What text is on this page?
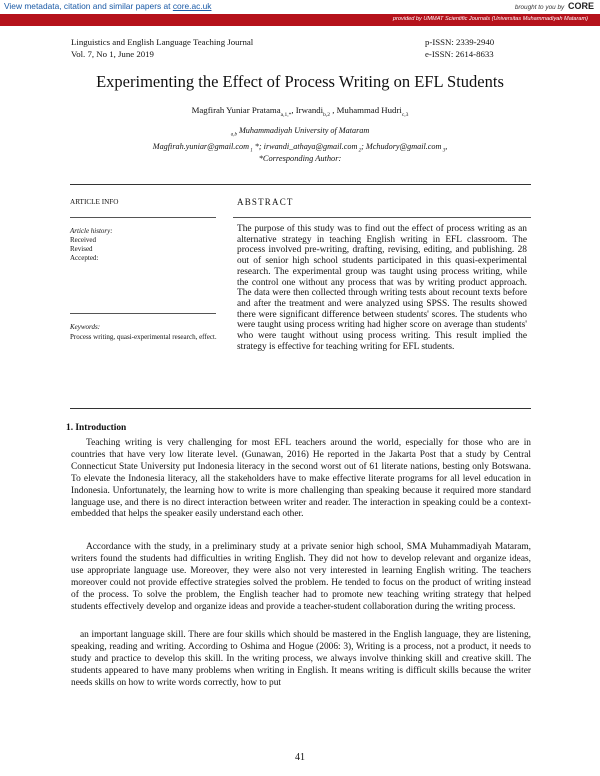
View metadata, citation and similar papers at core.ac.uk	brought to you by CORE
provided by UMMAT Scientific Journals (Universitas Muhammadiyah Mataram)
Linguistics and English Language Teaching Journal
Vol. 7, No 1, June 2019
p-ISSN: 2339-2940
e-ISSN: 2614-8633
Experimenting the Effect of Process Writing on EFL Students
Magfirah Yuniar Pratama$_{a,1,*}$, Irwandi$_{b,2}$ , Muhammad Hudri$_{c,3}$
$_{a,b}$ Muhammadiyah University of Mataram
Magfirah.yuniar@gmail.com $_1$ *; irwandi_athaya@gmail.com $_2$; Mchudory@gmail.com $_3$,
*Corresponding Author:
ARTICLE INFO	ABSTRACT
Article history:
Received
Revised
Accepted:
Keywords:
Process writing, quasi-experimental research, effect.
The purpose of this study was to find out the effect of process writing as an alternative strategy in teaching English writing in EFL classroom. The process involved pre-writing, drafting, revising, editing, and publishing. 28 out of senior high school students participated in this quasi-experimental research. The experimental group was taught using process writing, while the control one without any process that was by writing product approach. The data were then collected through writing tests about recount texts before and after the treatment and were analyzed using SPSS. The results showed there were significant difference between students' scores. The students who were taught using process writing had higher score on average than students' who were taught without using process writing. This result implied the strategy is effective for teaching writing for EFL students.
1. Introduction
Teaching writing is very challenging for most EFL teachers around the world, especially for those who are in countries that have very low literate level. (Gunawan, 2016) He reported in the Jakarta Post that a study by Central Connecticut State University put Indonesia literacy in the second worst out of 61 literate nations, besting only Botswana. To elevate the Indonesia literacy, all the stakeholders have to make effective literate programs for all level education in Indonesia. Unfortunately, the learning how to write is more challenging than speaking because it required more standard language use, and there is no direct interaction between writer and reader. The interaction in speaking could be a context-embedded that helps the speaker easily understand each other.
Accordance with the study, in a preliminary study at a private senior high school, SMA Muhammadiyah Mataram, writers found the students had difficulties in writing English. They did not how to develop relevant and organize ideas, use appropriate language use. Moreover, they were also not very interested in learning English writing. The teachers moreover could not provide effective strategies solved the problem. He tended to focus on the product of writing instead of the process. To solve the problem, the English teacher had to promote new teaching writing strategy that helped students effectively develop and organize ideas and provide a teacher-student collaboration during the writing process.
an important language skill. There are four skills which should be mastered in the English language, they are listening, speaking, reading and writing. According to Oshima and Hogue (2006: 3), Writing is a process, not a product, it needs to study and practice to develop this skill. In the writing process, we always involve thinking skill and creative skill. The students appeared to have many problems when writing in English. It means writing is difficult skills because the writer needs skills on how to write words correctly, how to put
41
